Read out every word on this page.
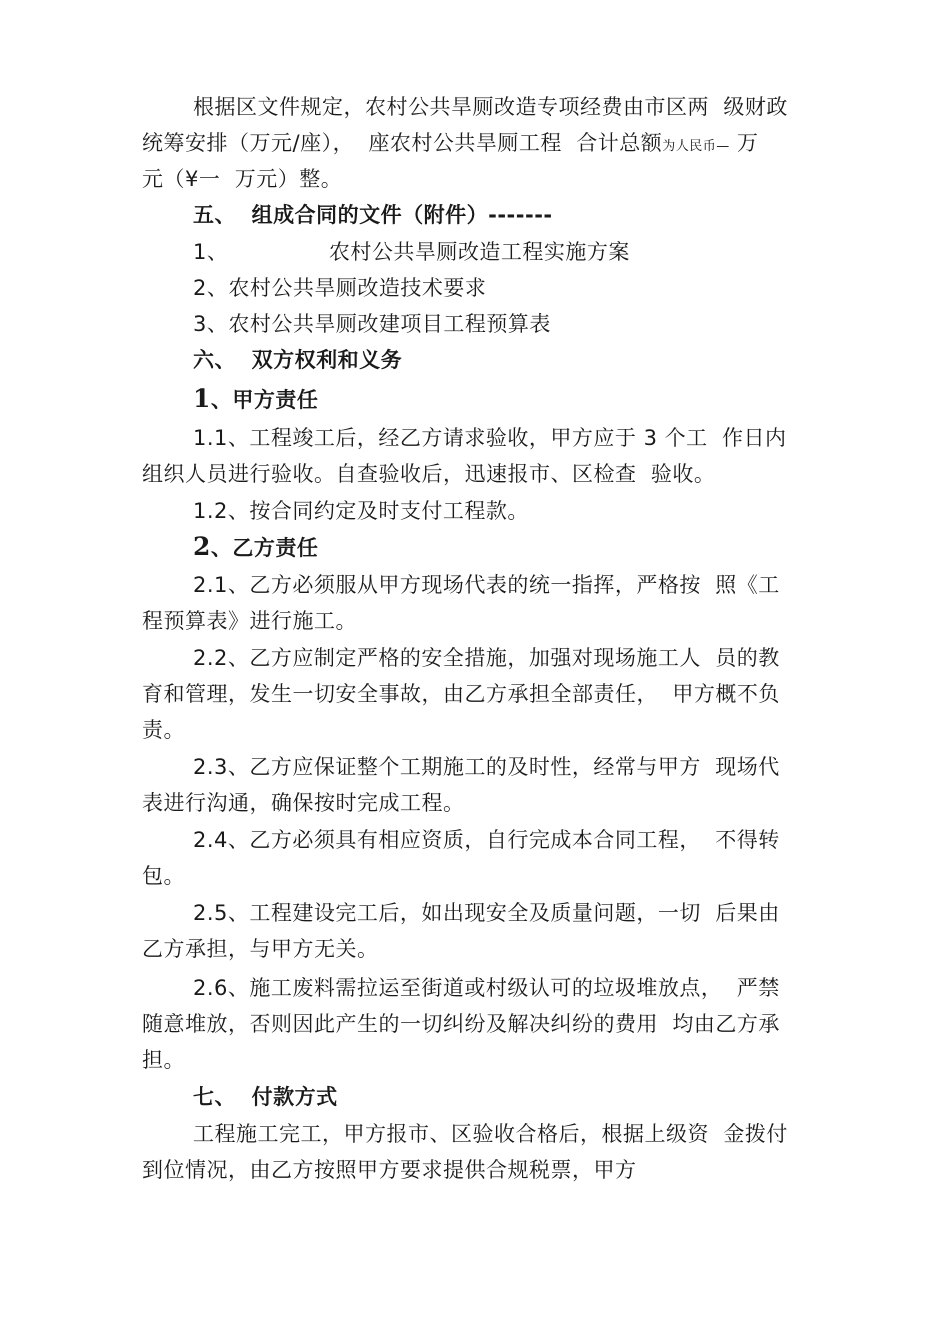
根据区文件规定，农村公共旱厕改造专项经费由市区两  级财政
统筹安排（万元/座），  座农村公共旱厕工程  合计总额为人民币— 万
元（¥一  万元）整。
五、  组成合同的文件（附件）-------
1、              农村公共旱厕改造工程实施方案
2、农村公共旱厕改造技术要求
3、农村公共旱厕改建项目工程预算表
六、  双方权利和义务
1、甲方责任
1.1、工程竣工后，经乙方请求验收，甲方应于 3 个工  作日内
组织人员进行验收。自查验收后，迅速报市、区检查  验收。
1.2、按合同约定及时支付工程款。
2、乙方责任
2.1、乙方必须服从甲方现场代表的统一指挥，严格按  照《工
程预算表》进行施工。
2.2、乙方应制定严格的安全措施，加强对现场施工人  员的教
育和管理，发生一切安全事故，由乙方承担全部责任，  甲方概不负
责。
2.3、乙方应保证整个工期施工的及时性，经常与甲方  现场代
表进行沟通，确保按时完成工程。
2.4、乙方必须具有相应资质，自行完成本合同工程，  不得转
包。
2.5、工程建设完工后，如出现安全及质量问题，一切  后果由
乙方承担，与甲方无关。
2.6、施工废料需拉运至街道或村级认可的垃圾堆放点，  严禁
随意堆放，否则因此产生的一切纠纷及解决纠纷的费用  均由乙方承
担。
七、  付款方式
工程施工完工，甲方报市、区验收合格后，根据上级资  金拨付
到位情况，由乙方按照甲方要求提供合规税票，甲方
